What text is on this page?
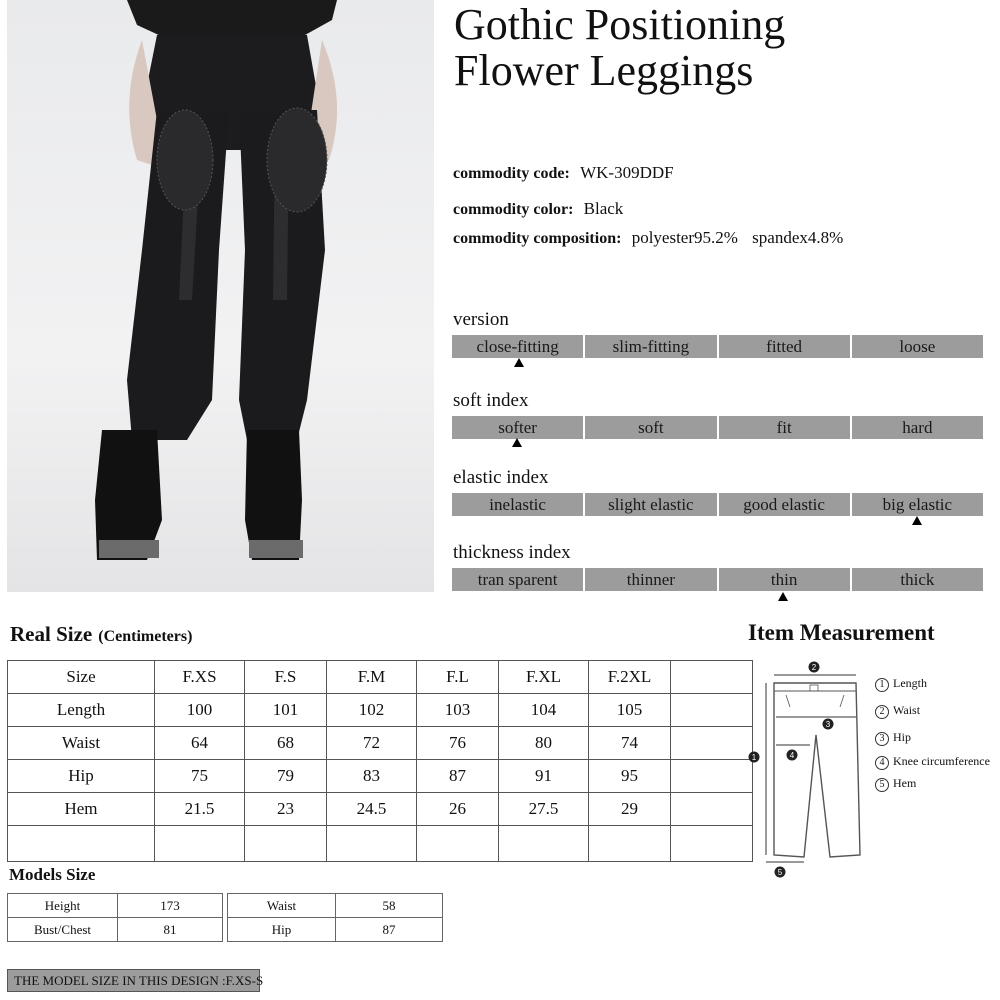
Gothic Positioning
Flower Leggings
commodity code: WK-309DDF
commodity color: Black
commodity composition: polyester95.2% spandex4.8%
version
close-fitting	slim-fitting	fitted	loose
soft index
softer	soft	fit	hard
elastic index
inelastic	slight elastic	good elastic	big elastic
thickness index
tran sparent	thinner	thin	thick
Real Size (Centimeters)
Size	F.XS	F.S	F.M	F.L	F.XL	F.2XL	
Length	100	101	102	103	104	105	
Waist	64	68	72	76	80	74	
Hip	75	79	83	87	91	95	
Hem	21.5	23	24.5	26	27.5	29	

Item Measurement
2
3
4
1
5
1 Length
2 Waist
3 Hip
4 Knee circumference
5 Hem
Models Size
Height	173
Bust/Chest	81
Waist	58
Hip	87
THE MODEL SIZE IN THIS DESIGN :F.XS-S
